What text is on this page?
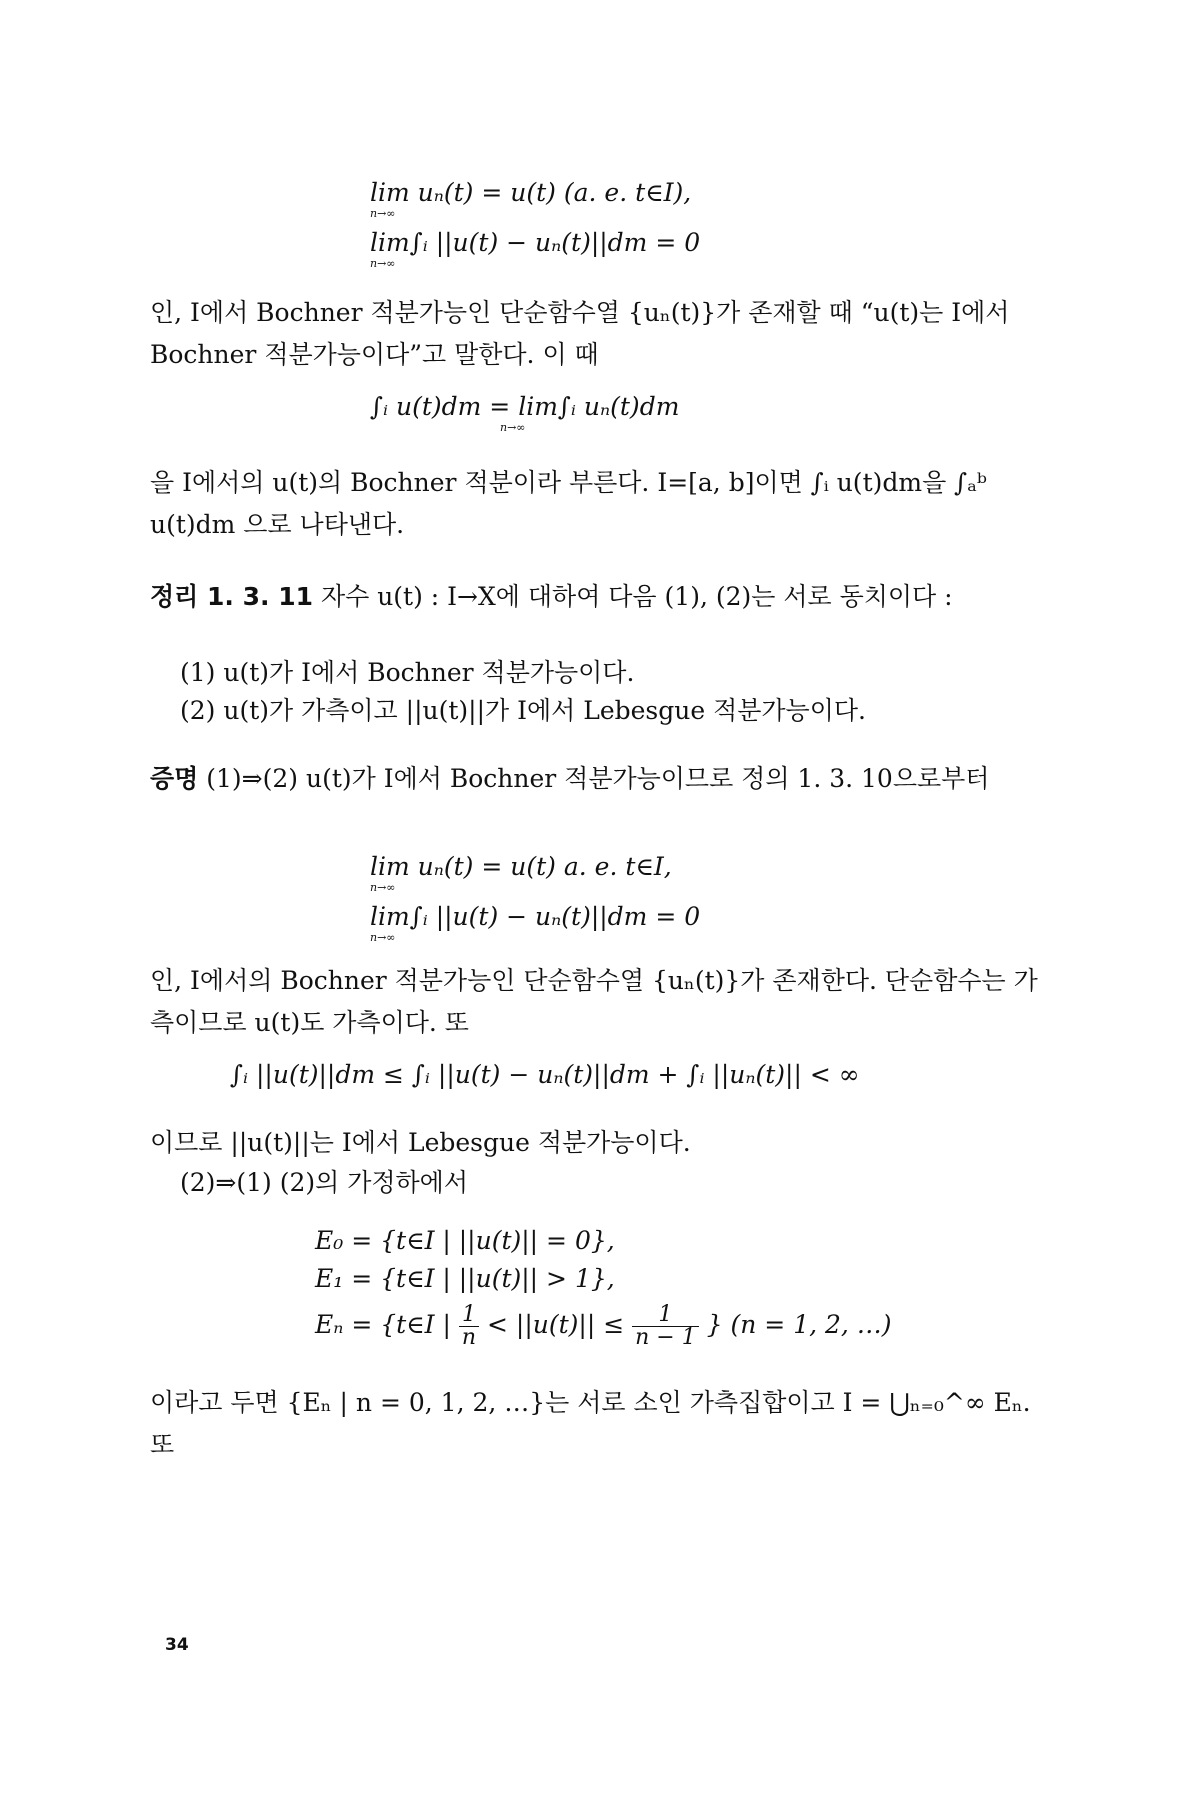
lim uₙ(t) = u(t) (a. e. t∈I),
n→∞
lim∫ᵢ ||u(t) − uₙ(t)||dm = 0
n→∞
인, I에서 Bochner 적분가능인 단순함수열 {uₙ(t)}가 존재할 때 “u(t)는 I에서 Bochner 적분가능이다”고 말한다. 이 때
∫ᵢ u(t)dm = lim∫ᵢ uₙ(t)dm
n→∞
을 I에서의 u(t)의 Bochner 적분이라 부른다. I=[a, b]이면 ∫ᵢ u(t)dm을 ∫ₐᵇ u(t)dm 으로 나타낸다.
정리 1. 3. 11 자수 u(t) : I→X에 대하여 다음 (1), (2)는 서로 동치이다 :
(1) u(t)가 I에서 Bochner 적분가능이다.
(2) u(t)가 가측이고 ||u(t)||가 I에서 Lebesgue 적분가능이다.
증명 (1)⇒(2) u(t)가 I에서 Bochner 적분가능이므로 정의 1. 3. 10으로부터
lim uₙ(t) = u(t) a. e. t∈I,
n→∞
lim∫ᵢ ||u(t) − uₙ(t)||dm = 0
n→∞
인, I에서의 Bochner 적분가능인 단순함수열 {uₙ(t)}가 존재한다. 단순함수는 가측이므로 u(t)도 가측이다. 또
∫ᵢ ||u(t)||dm ≤ ∫ᵢ ||u(t) − uₙ(t)||dm + ∫ᵢ ||uₙ(t)|| < ∞
이므로 ||u(t)||는 I에서 Lebesgue 적분가능이다.
(2)⇒(1) (2)의 가정하에서
E₀ = {t∈I | ||u(t)|| = 0},
E₁ = {t∈I | ||u(t)|| > 1},
Eₙ = {t∈I | $\frac{1}{n} < ||u(t)|| \le \frac{1}{n - 1}$ } (n = 1, 2, …)
이라고 두면 {Eₙ | n = 0, 1, 2, …}는 서로 소인 가측집합이고 I = ⋃ₙ₌₀^∞ Eₙ. 또
34
